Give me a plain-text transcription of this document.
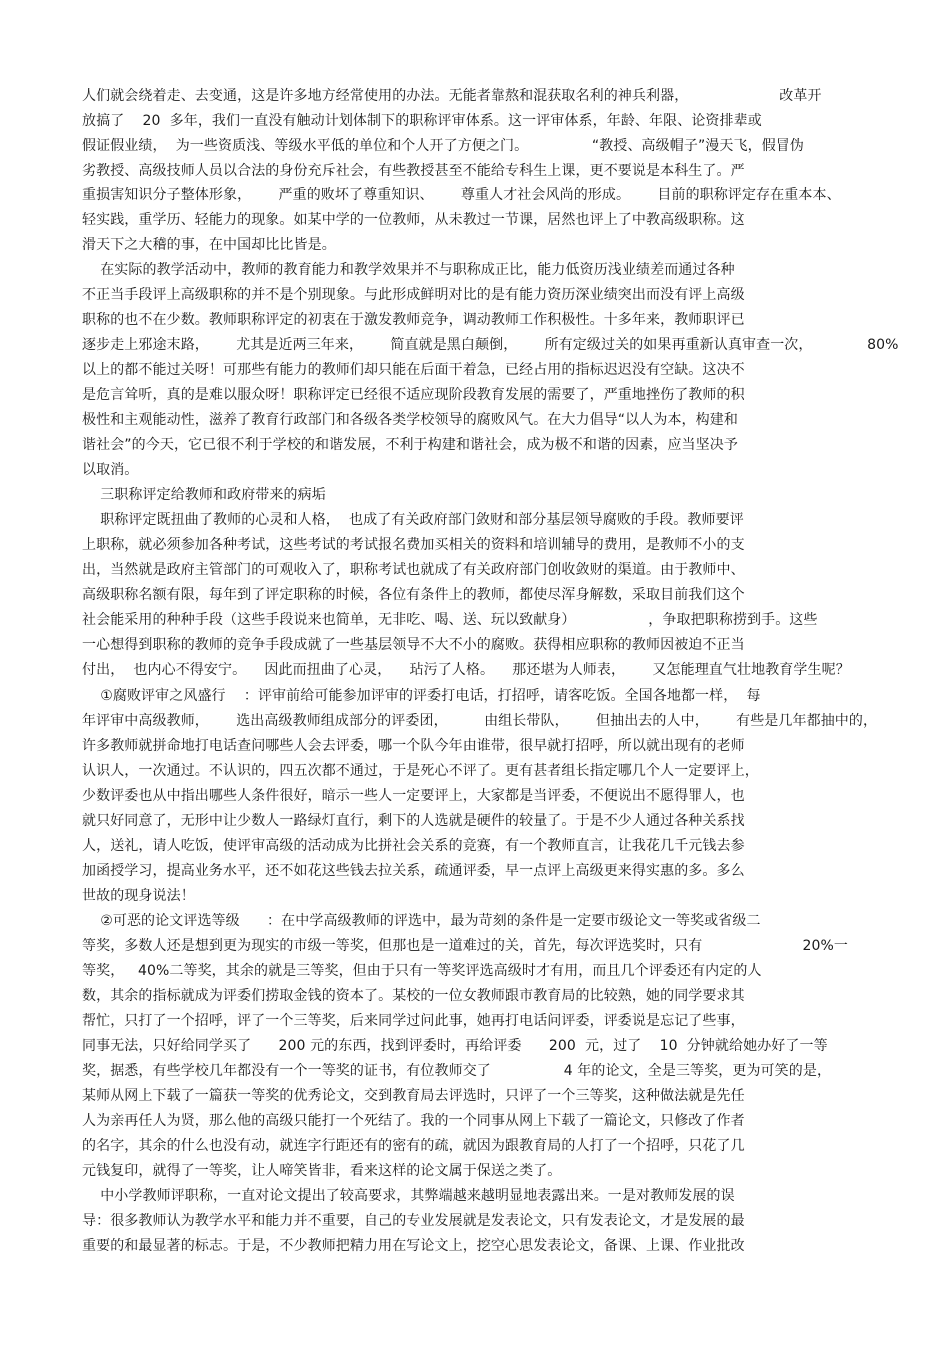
人们就会绕着走、去变通，这是许多地方经常使用的办法。无能者靠熬和混获取名利的神兵利器，                    改革开
放搞了    20  多年，我们一直没有触动计划体制下的职称评审体系。这一评审体系，年龄、年限、论资排辈或
假证假业绩，  为一些资质浅、等级水平低的单位和个人开了方便之门。              “教授、高级帽子”漫天飞，假冒伪
劣教授、高级技师人员以合法的身份充斥社会，有些教授甚至不能给专科生上课，更不要说是本科生了。严
重损害知识分子整体形象，      严重的败坏了尊重知识、      尊重人才社会风尚的形成。      目前的职称评定存在重本本、
轻实践，重学历、轻能力的现象。如某中学的一位教师，从未教过一节课，居然也评上了中教高级职称。这
滑天下之大稽的事，在中国却比比皆是。
在实际的教学活动中，教师的教育能力和教学效果并不与职称成正比，能力低资历浅业绩差而通过各种
不正当手段评上高级职称的并不是个别现象。与此形成鲜明对比的是有能力资历深业绩突出而没有评上高级
职称的也不在少数。教师职称评定的初衷在于激发教师竞争，调动教师工作积极性。十多年来，教师职评已
逐步走上邪途末路，      尤其是近两三年来，      简直就是黑白颠倒，      所有定级过关的如果再重新认真审查一次，            80%
以上的都不能过关呀！可那些有能力的教师们却只能在后面干着急，已经占用的指标迟迟没有空缺。这决不
是危言耸听，真的是难以服众呀！职称评定已经很不适应现阶段教育发展的需要了，严重地挫伤了教师的积
极性和主观能动性，滋养了教育行政部门和各级各类学校领导的腐败风气。在大力倡导“以人为本，构建和
谐社会”的今天，它已很不利于学校的和谐发展，不利于构建和谐社会，成为极不和谐的因素，应当坚决予
以取消。
三职称评定给教师和政府带来的病垢
职称评定既扭曲了教师的心灵和人格，  也成了有关政府部门敛财和部分基层领导腐败的手段。教师要评
上职称，就必须参加各种考试，这些考试的考试报名费加买相关的资料和培训辅导的费用，是教师不小的支
出，当然就是政府主管部门的可观收入了，职称考试也就成了有关政府部门创收敛财的渠道。由于教师中、
高级职称名额有限，每年到了评定职称的时候，各位有条件上的教师，都使尽浑身解数，采取目前我们这个
社会能采用的种种手段（这些手段说来也简单，无非吃、喝、送、玩以致献身）                ，争取把职称捞到手。这些
一心想得到职称的教师的竞争手段成就了一些基层领导不大不小的腐败。获得相应职称的教师因被迫不正当
付出，  也内心不得安宁。    因此而扭曲了心灵，    玷污了人格。    那还堪为人师表，      又怎能理直气壮地教育学生呢？
①腐败评审之风盛行    ：评审前给可能参加评审的评委打电话，打招呼，请客吃饭。全国各地都一样，  每
年评审中高级教师，      选出高级教师组成部分的评委团，        由组长带队，      但抽出去的人中，      有些是几年都抽中的，
许多教师就拼命地打电话查问哪些人会去评委，哪一个队今年由谁带，很早就打招呼，所以就出现有的老师
认识人，一次通过。不认识的，四五次都不通过，于是死心不评了。更有甚者组长指定哪几个人一定要评上，
少数评委也从中指出哪些人条件很好，暗示一些人一定要评上，大家都是当评委，不便说出不愿得罪人，也
就只好同意了，无形中让少数人一路绿灯直行，剩下的人选就是硬件的较量了。于是不少人通过各种关系找
人，送礼，请人吃饭，使评审高级的活动成为比拼社会关系的竞赛，有一个教师直言，让我花几千元钱去参
加函授学习，提高业务水平，还不如花这些钱去拉关系，疏通评委，早一点评上高级更来得实惠的多。多么
世故的现身说法！
②可恶的论文评选等级      ：在中学高级教师的评选中，最为苛刻的条件是一定要市级论文一等奖或省级二
等奖，多数人还是想到更为现实的市级一等奖，但那也是一道难过的关，首先，每次评选奖时，只有                      20%一
等奖，   40%二等奖，其余的就是三等奖，但由于只有一等奖评选高级时才有用，而且几个评委还有内定的人
数，其余的指标就成为评委们捞取金钱的资本了。某校的一位女教师跟市教育局的比较熟，她的同学要求其
帮忙，只打了一个招呼，评了一个三等奖，后来同学过问此事，她再打电话问评委，评委说是忘记了些事，
同事无法，只好给同学买了      200 元的东西，找到评委时，再给评委      200  元，过了    10  分钟就给她办好了一等
奖，据悉，有些学校几年都没有一个一等奖的证书，有位教师交了                4 年的论文，全是三等奖，更为可笑的是，
某师从网上下载了一篇获一等奖的优秀论文，交到教育局去评选时，只评了一个三等奖，这种做法就是先任
人为亲再任人为贤，那么他的高级只能打一个死结了。我的一个同事从网上下载了一篇论文，只修改了作者
的名字，其余的什么也没有动，就连字行距还有的密有的疏，就因为跟教育局的人打了一个招呼，只花了几
元钱复印，就得了一等奖，让人啼笑皆非，看来这样的论文属于保送之类了。
中小学教师评职称，一直对论文提出了较高要求，其弊端越来越明显地表露出来。一是对教师发展的误
导：很多教师认为教学水平和能力并不重要，自己的专业发展就是发表论文，只有发表论文，才是发展的最
重要的和最显著的标志。于是，不少教师把精力用在写论文上，挖空心思发表论文，备课、上课、作业批改
